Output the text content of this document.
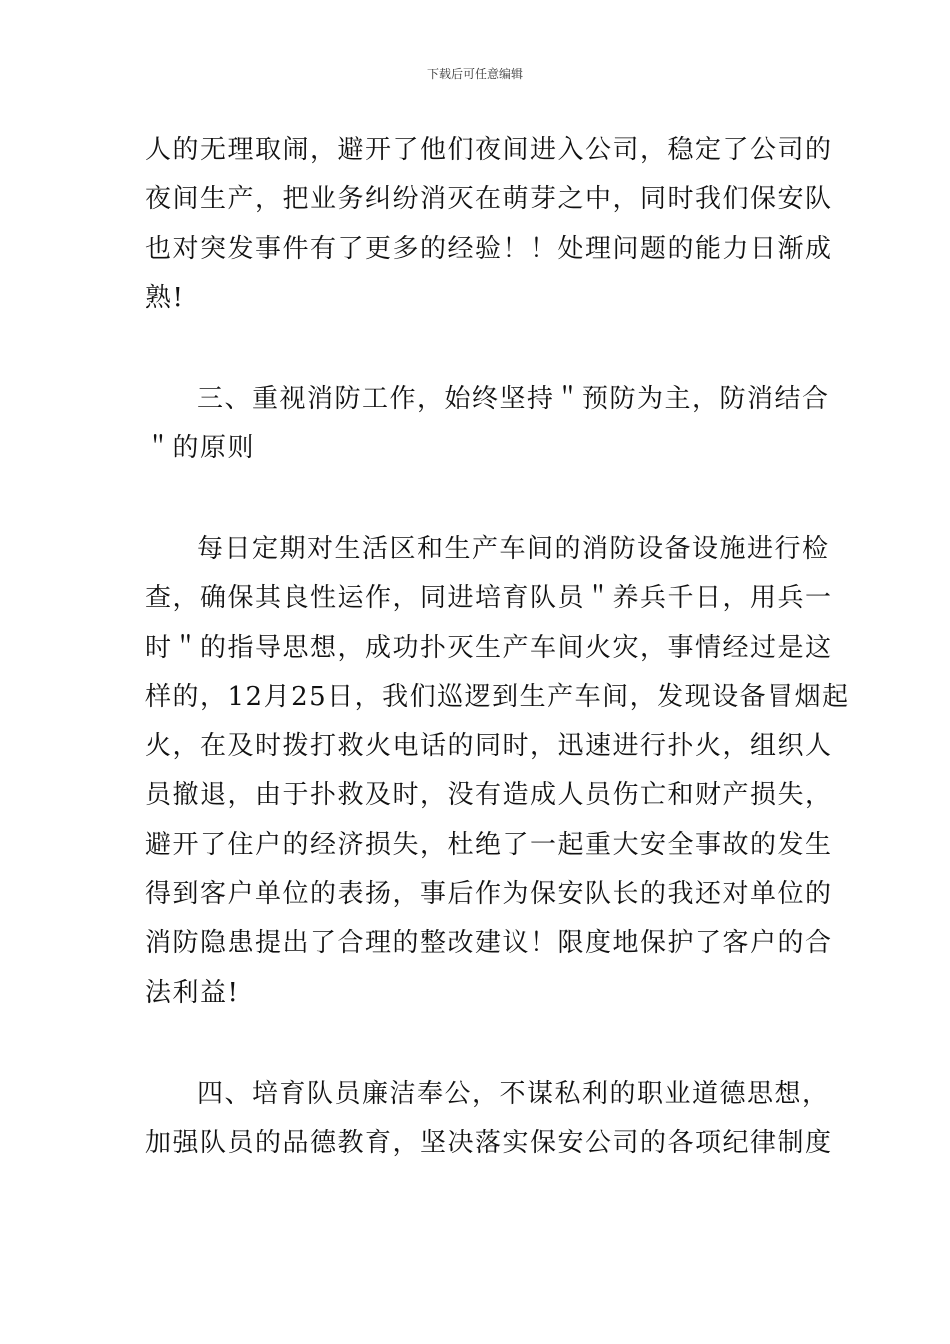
下载后可任意编辑
人的无理取闹，避开了他们夜间进入公司，稳定了公司的
夜间生产，把业务纠纷消灭在萌芽之中，同时我们保安队
也对突发事件有了更多的经验！！处理问题的能力日渐成
熟!
三、重视消防工作，始终坚持＂预防为主，防消结合
＂的原则
每日定期对生活区和生产车间的消防设备设施进行检
查，确保其良性运作，同进培育队员＂养兵千日，用兵一
时＂的指导思想，成功扑灭生产车间火灾，事情经过是这
样的，12月25日，我们巡逻到生产车间，发现设备冒烟起
火，在及时拨打救火电话的同时，迅速进行扑火，组织人
员撤退，由于扑救及时，没有造成人员伤亡和财产损失，
避开了住户的经济损失，杜绝了一起重大安全事故的发生
得到客户单位的表扬，事后作为保安队长的我还对单位的
消防隐患提出了合理的整改建议！限度地保护了客户的合
法利益!
四、培育队员廉洁奉公，不谋私利的职业道德思想，
加强队员的品德教育，坚决落实保安公司的各项纪律制度
